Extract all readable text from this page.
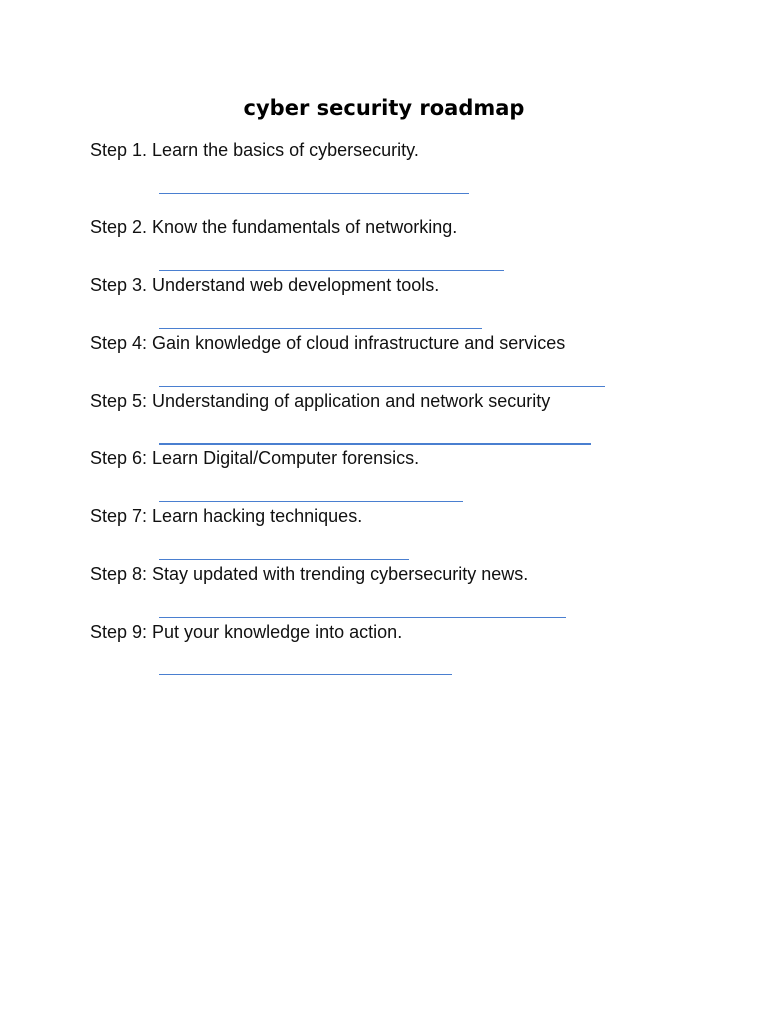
cyber security roadmap
Step 1. Learn the basics of cybersecurity.
Step 2. Know the fundamentals of networking.
Step 3. Understand web development tools.
Step 4: Gain knowledge of cloud infrastructure and services
Step 5: Understanding of application and network security
Step 6: Learn Digital/Computer forensics.
Step 7: Learn hacking techniques.
Step 8: Stay updated with trending cybersecurity news.
Step 9: Put your knowledge into action.
